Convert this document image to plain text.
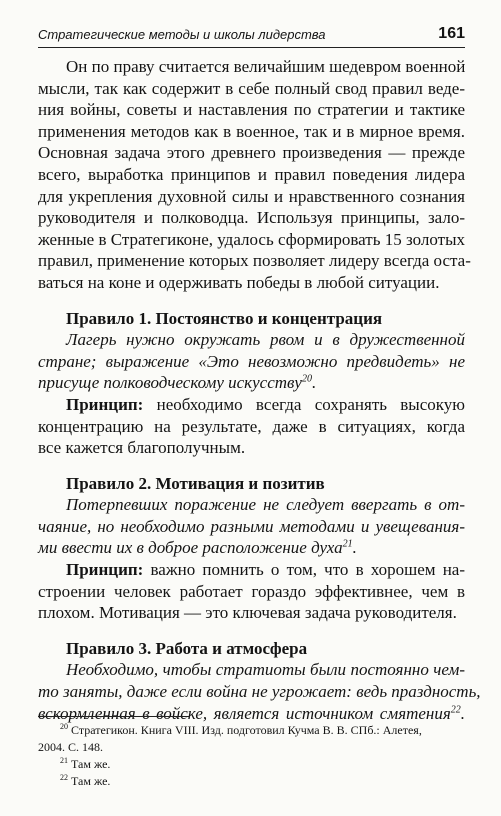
Стратегические методы и школы лидерства	161
Он по праву считается величайшим шедевром военной
мысли, так как содержит в себе полный свод правил веде-
ния войны, советы и наставления по стратегии и тактике
применения методов как в военное, так и в мирное время.
Основная задача этого древнего произведения — прежде
всего, выработка принципов и правил поведения лидера
для укрепления духовной силы и нравственного сознания
руководителя и полководца. Используя принципы, зало-
женные в Стратегиконе, удалось сформировать 15 золотых
правил, применение которых позволяет лидеру всегда оста-
ваться на коне и одерживать победы в любой ситуации.
Правило 1. Постоянство и концентрация
Лагерь нужно окружать рвом и в дружественной
стране; выражение «Это невозможно предвидеть» не
присуще полководческому искусству$^{20}$.
Принцип: необходимо всегда сохранять высокую
концентрацию на результате, даже в ситуациях, когда
все кажется благополучным.
Правило 2. Мотивация и позитив
Потерпевших поражение не следует ввергать в от-
чаяние, но необходимо разными методами и увещевания-
ми ввести их в доброе расположение духа$^{21}$.
Принцип: важно помнить о том, что в хорошем на-
строении человек работает гораздо эффективнее, чем в
плохом. Мотивация — это ключевая задача руководителя.
Правило 3. Работа и атмосфера
Необходимо, чтобы стратиоты были постоянно чем-
то заняты, даже если война не угрожает: ведь праздность,
вскормленная в войске, является источником смятения$^{22}$.
$^{20}$ Стратегикон. Книга VIII. Изд. подготовил Кучма В. В. СПб.: Алетея,
2004. С. 148.
$^{21}$ Там же.
$^{22}$ Там же.
